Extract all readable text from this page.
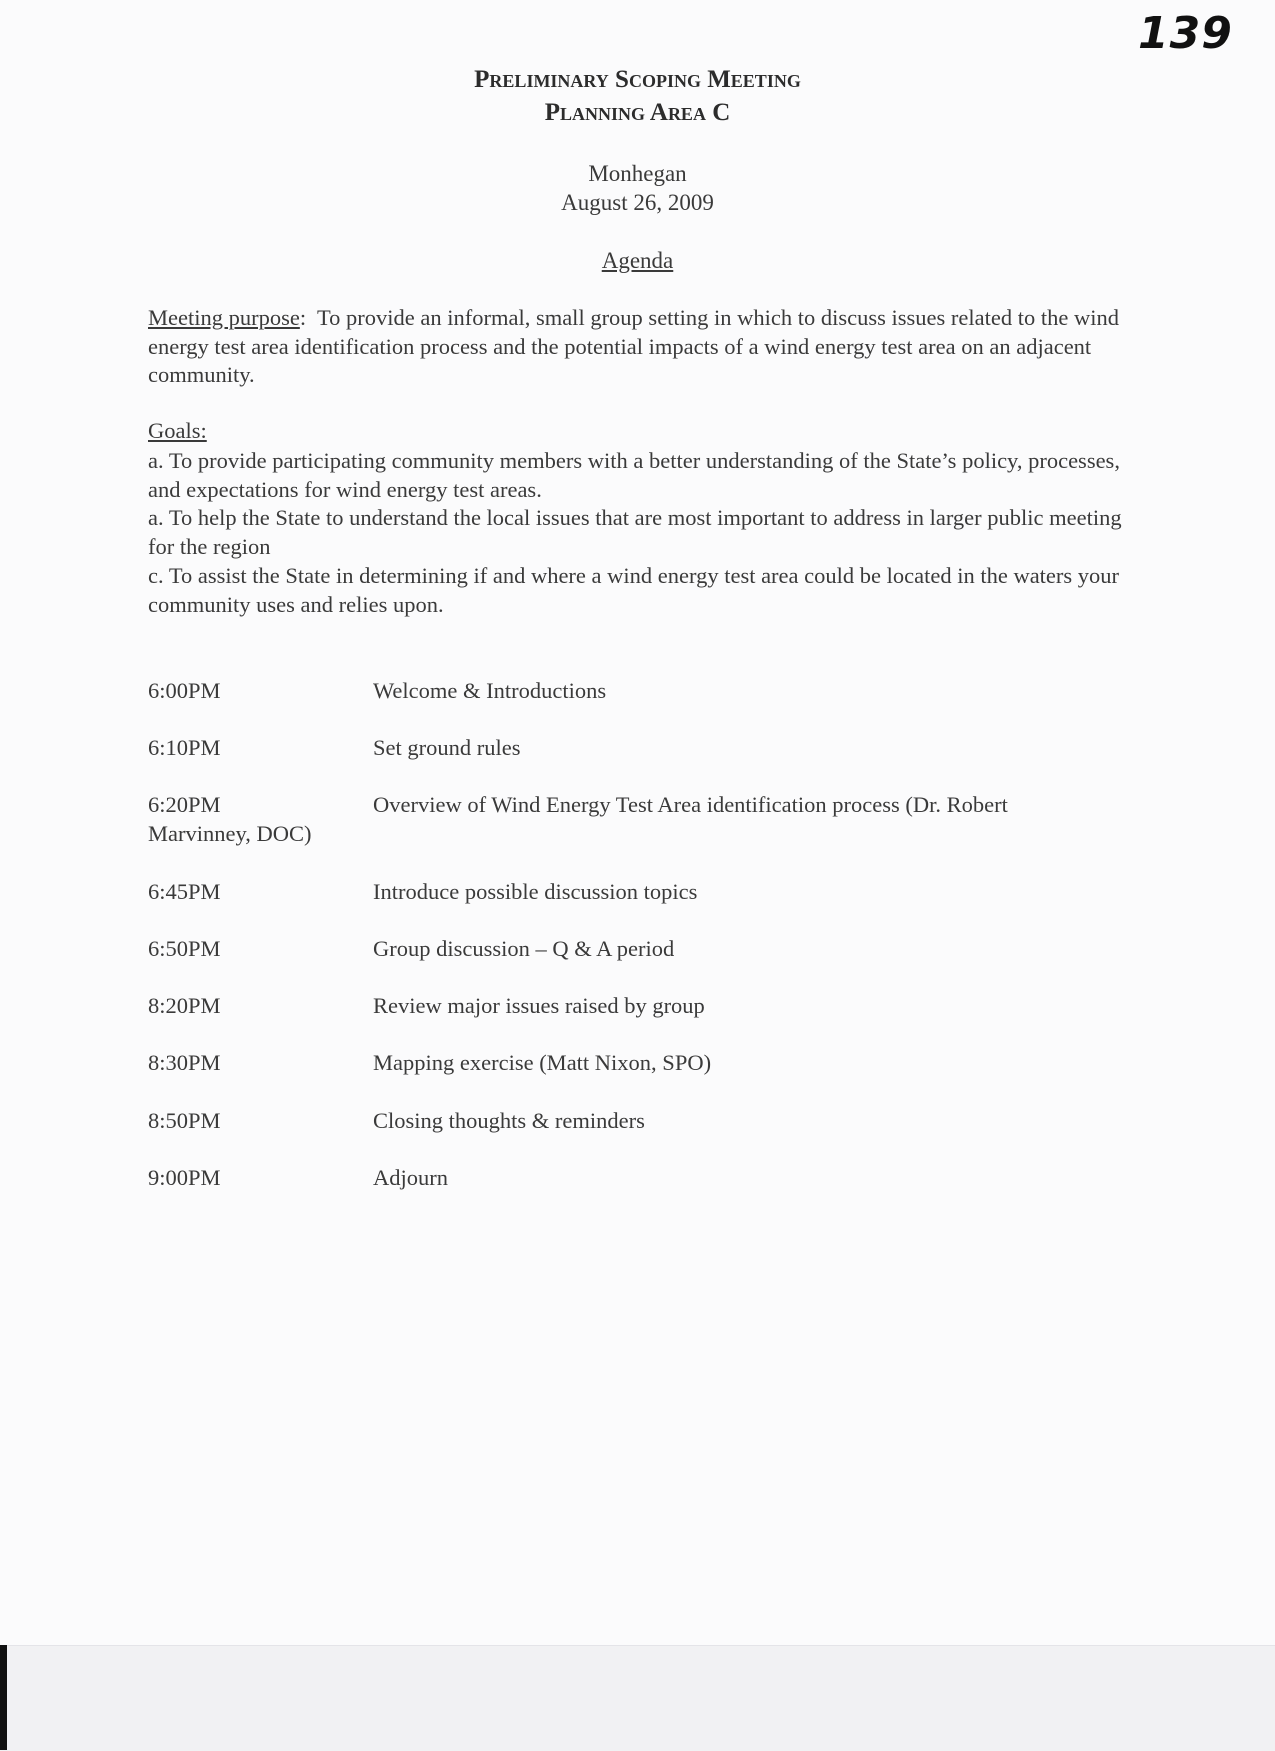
139
Preliminary Scoping Meeting
Planning Area C
Monhegan
August 26, 2009
Agenda
Meeting purpose:  To provide an informal, small group setting in which to discuss issues related to the wind energy test area identification process and the potential impacts of a wind energy test area on an adjacent community.
Goals:
a. To provide participating community members with a better understanding of the State’s policy, processes, and expectations for wind energy test areas.
a. To help the State to understand the local issues that are most important to address in larger public meeting for the region
c. To assist the State in determining if and where a wind energy test area could be located in the waters your community uses and relies upon.
6:00PM	Welcome & Introductions
6:10PM	Set ground rules
6:20PM	Overview of Wind Energy Test Area identification process (Dr. Robert
Marvinney, DOC)
6:45PM	Introduce possible discussion topics
6:50PM	Group discussion – Q & A period
8:20PM	Review major issues raised by group
8:30PM	Mapping exercise (Matt Nixon, SPO)
8:50PM	Closing thoughts & reminders
9:00PM	Adjourn
